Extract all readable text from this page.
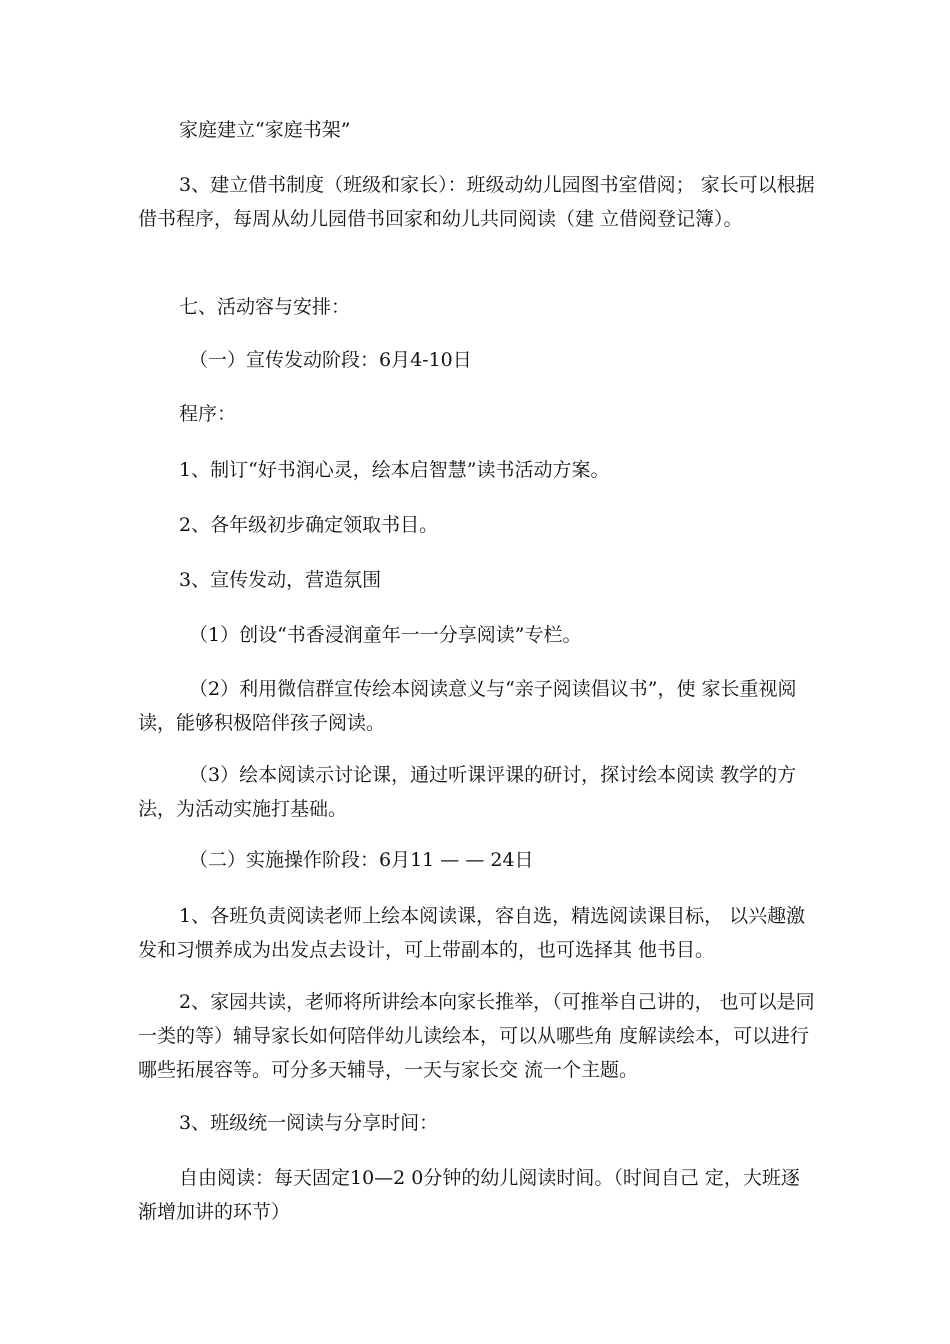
家庭建立“家庭书架”

3、建立借书制度（班级和家长）：班级动幼儿园图书室借阅； 家长可以根据借书程序，每周从幼儿园借书回家和幼儿共同阅读（建 立借阅登记簿）。

七、活动容与安排：

（一）宣传发动阶段：6月4-10日

程序：

1、制订“好书润心灵，绘本启智慧”读书活动方案。

2、各年级初步确定领取书目。

3、宣传发动，营造氛围

（1）创设“书香浸润童年一一分享阅读”专栏。

（2）利用微信群宣传绘本阅读意义与“亲子阅读倡议书”，使 家长重视阅读，能够积极陪伴孩子阅读。

（3）绘本阅读示讨论课，通过听课评课的研讨，探讨绘本阅读 教学的方法，为活动实施打基础。

（二）实施操作阶段：6月11 — — 24日

1、各班负责阅读老师上绘本阅读课，容自选，精选阅读课目标， 以兴趣激发和习惯养成为出发点去设计，可上带副本的，也可选择其 他书目。

2、家园共读，老师将所讲绘本向家长推举，（可推举自己讲的， 也可以是同一类的等）辅导家长如何陪伴幼儿读绘本，可以从哪些角 度解读绘本，可以进行哪些拓展容等。可分多天辅导，一天与家长交 流一个主题。

3、班级统一阅读与分享时间：

自由阅读：每天固定10—2 0分钟的幼儿阅读时间。（时间自己 定，大班逐渐增加讲的环节）
